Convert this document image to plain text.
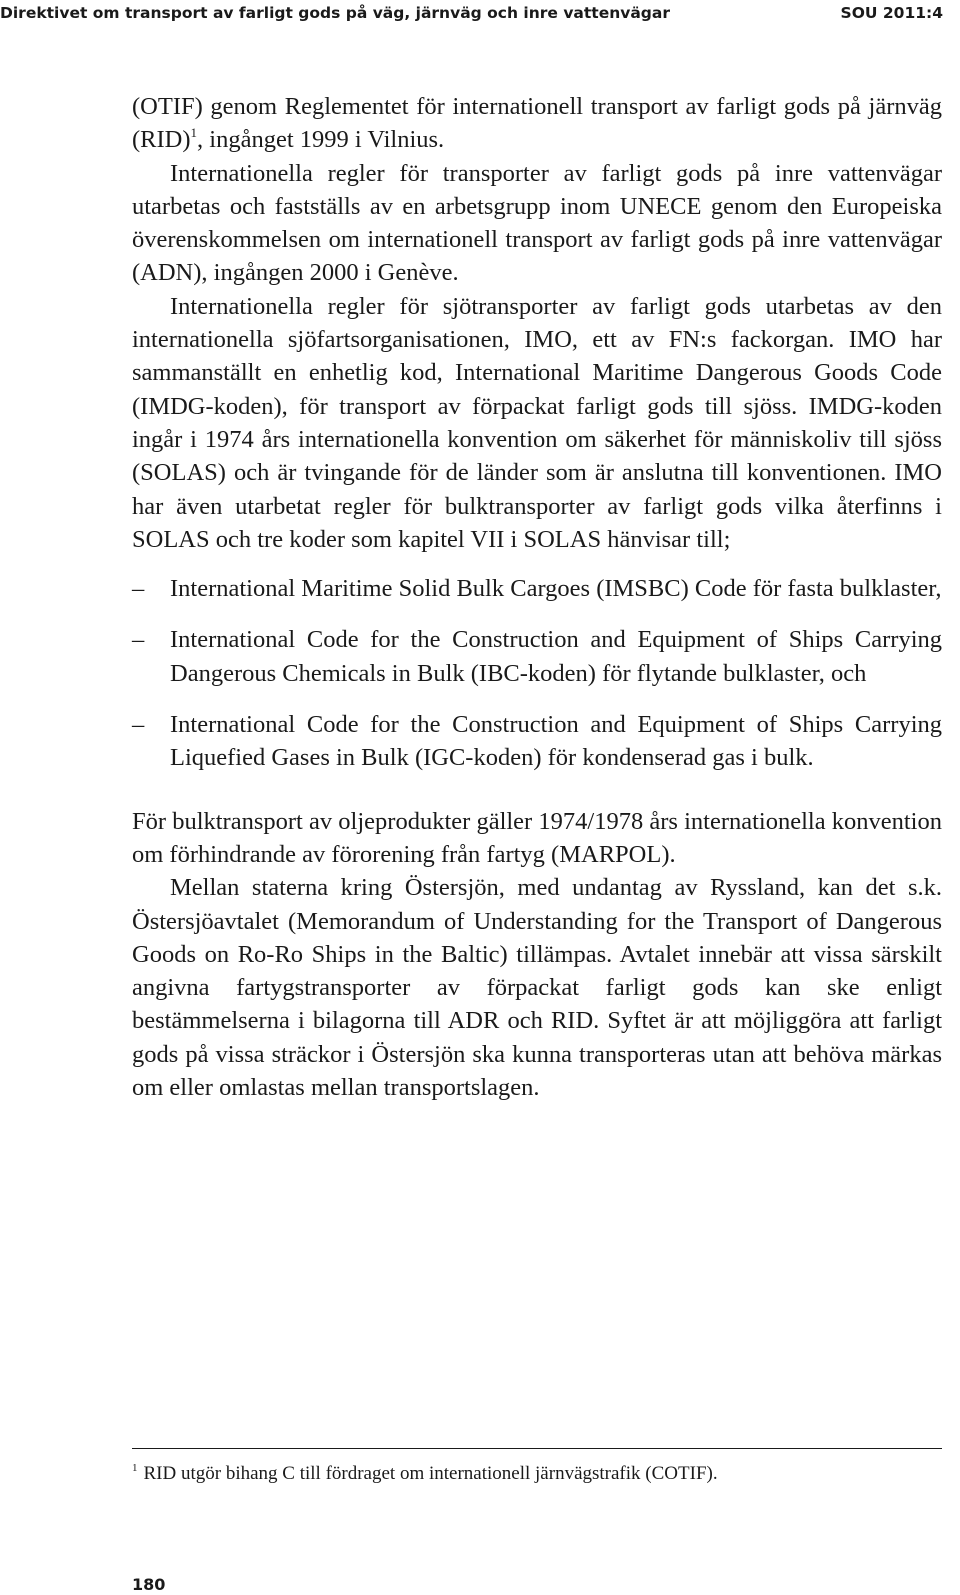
Direktivet om transport av farligt gods på väg, järnväg och inre vattenvägar	SOU 2011:4

(OTIF) genom Reglementet för internationell transport av farligt gods på järnväg (RID)$^1$, ingånget 1999 i Vilnius.

Internationella regler för transporter av farligt gods på inre vattenvägar utarbetas och fastställs av en arbetsgrupp inom UNECE genom den Europeiska överenskommelsen om internationell transport av farligt gods på inre vattenvägar (ADN), ingången 2000 i Genève.

Internationella regler för sjötransporter av farligt gods utarbetas av den internationella sjöfartsorganisationen, IMO, ett av FN:s fackorgan. IMO har sammanställt en enhetlig kod, International Maritime Dangerous Goods Code (IMDG-koden), för transport av förpackat farligt gods till sjöss. IMDG-koden ingår i 1974 års internationella konvention om säkerhet för människoliv till sjöss (SOLAS) och är tvingande för de länder som är anslutna till konventionen. IMO har även utarbetat regler för bulktransporter av farligt gods vilka återfinns i SOLAS och tre koder som kapitel VII i SOLAS hänvisar till;

– International Maritime Solid Bulk Cargoes (IMSBC) Code för fasta bulklaster,
– International Code for the Construction and Equipment of Ships Carrying Dangerous Chemicals in Bulk (IBC-koden) för flytande bulklaster, och
– International Code for the Construction and Equipment of Ships Carrying Liquefied Gases in Bulk (IGC-koden) för kondenserad gas i bulk.

För bulktransport av oljeprodukter gäller 1974/1978 års internationella konvention om förhindrande av förorening från fartyg (MARPOL).

Mellan staterna kring Östersjön, med undantag av Ryssland, kan det s.k. Östersjöavtalet (Memorandum of Understanding for the Transport of Dangerous Goods on Ro-Ro Ships in the Baltic) tillämpas. Avtalet innebär att vissa särskilt angivna fartygstransporter av förpackat farligt gods kan ske enligt bestämmelserna i bilagorna till ADR och RID. Syftet är att möjliggöra att farligt gods på vissa sträckor i Östersjön ska kunna transporteras utan att behöva märkas om eller omlastas mellan transportslagen.

$^1$ RID utgör bihang C till fördraget om internationell järnvägstrafik (COTIF).
180
